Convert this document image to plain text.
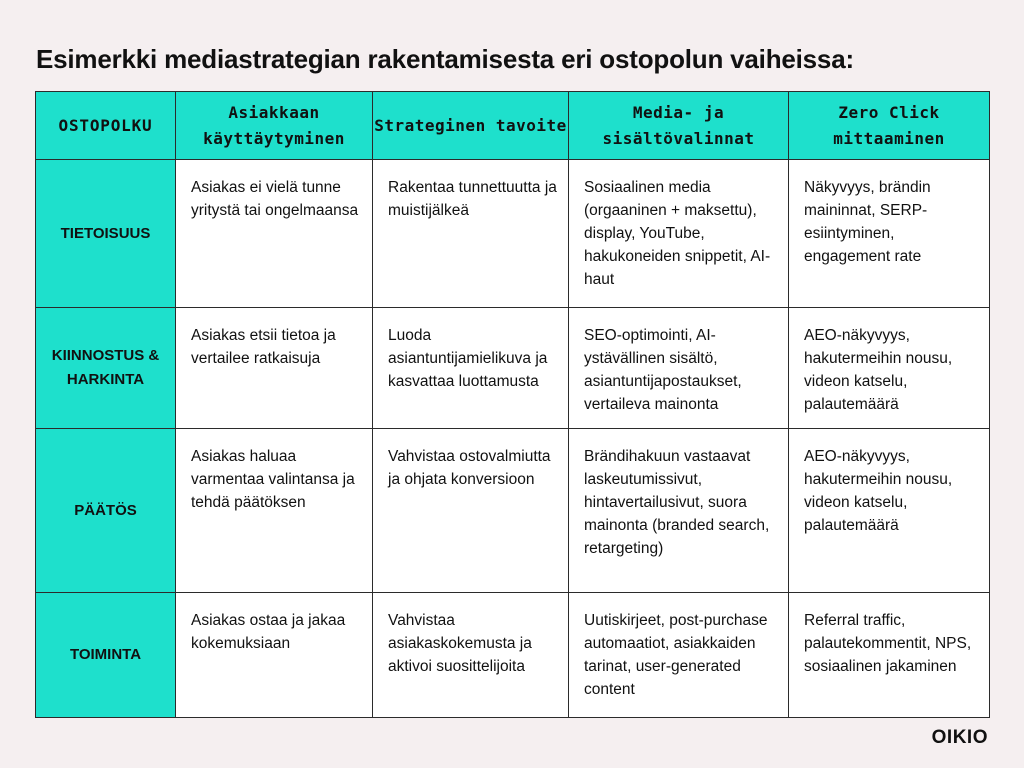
Esimerkki mediastrategian rakentamisesta eri ostopolun vaiheissa:
OSTOPOLKU	Asiakkaan käyttäytyminen	Strateginen tavoite	Media- ja sisältövalinnat	Zero Click mittaaminen
TIETOISUUS	Asiakas ei vielä tunne yritystä tai ongelmaansa	Rakentaa tunnettuutta ja muistijälkeä	Sosiaalinen media (orgaaninen + maksettu), display, YouTube, hakukoneiden snippetit, AI-haut	Näkyvyys, brändin maininnat, SERP-esiintyminen, engagement rate
KIINNOSTUS & HARKINTA	Asiakas etsii tietoa ja vertailee ratkaisuja	Luoda asiantuntijamielikuva ja kasvattaa luottamusta	SEO-optimointi, AI-ystävällinen sisältö, asiantuntijapostaukset, vertaileva mainonta	AEO-näkyvyys, hakutermeihin nousu, videon katselu, palautemäärä
PÄÄTÖS	Asiakas haluaa varmentaa valintansa ja tehdä päätöksen	Vahvistaa ostovalmiutta ja ohjata konversioon	Brändihakuun vastaavat laskeutumissivut, hintavertailusivut, suora mainonta (branded search, retargeting)	AEO-näkyvyys, hakutermeihin nousu, videon katselu, palautemäärä
TOIMINTA	Asiakas ostaa ja jakaa kokemuksiaan	Vahvistaa asiakaskokemusta ja aktivoi suosittelijoita	Uutiskirjeet, post-purchase automaatiot, asiakkaiden tarinat, user-generated content	Referral traffic, palautekommentit, NPS, sosiaalinen jakaminen
OIKIO
